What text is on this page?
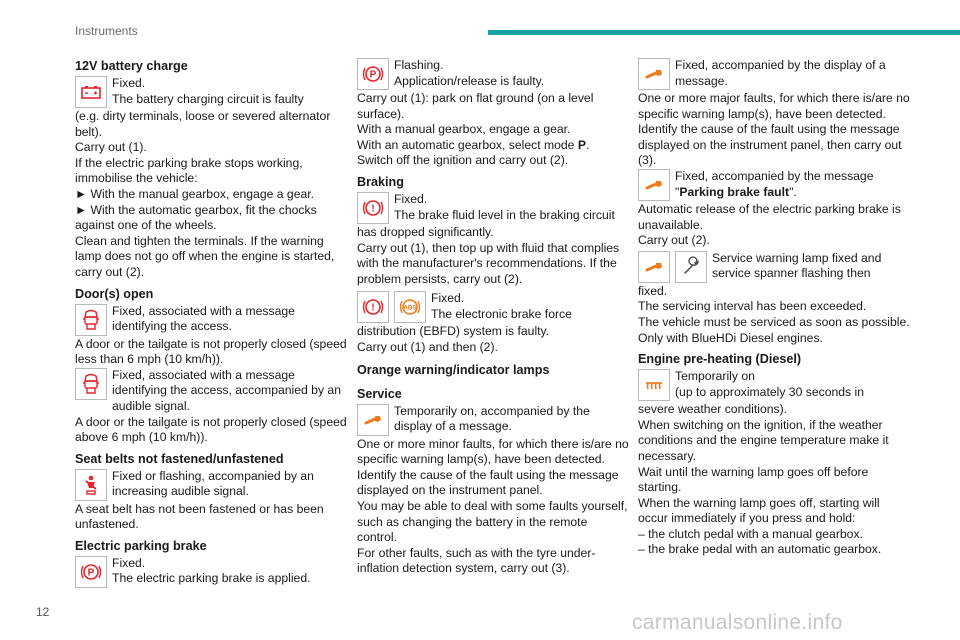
Instruments
12V battery charge
Fixed.
The battery charging circuit is faulty
(e.g. dirty terminals, loose or severed alternator belt).
Carry out (1).
If the electric parking brake stops working, immobilise the vehicle:
► With the manual gearbox, engage a gear.
► With the automatic gearbox, fit the chocks against one of the wheels.
Clean and tighten the terminals. If the warning lamp does not go off when the engine is started, carry out (2).
Door(s) open
Fixed, associated with a message identifying the access.
A door or the tailgate is not properly closed (speed less than 6 mph (10 km/h)).
Fixed, associated with a message identifying the access, accompanied by an audible signal.
A door or the tailgate is not properly closed (speed above 6 mph (10 km/h)).
Seat belts not fastened/unfastened
Fixed or flashing, accompanied by an increasing audible signal.
A seat belt has not been fastened or has been unfastened.
Electric parking brake
P
Fixed.
The electric parking brake is applied.
P
Flashing.
Application/release is faulty.
Carry out (1): park on flat ground (on a level surface).
With a manual gearbox, engage a gear.
With an automatic gearbox, select mode P.
Switch off the ignition and carry out (2).
Braking
!
Fixed.
The brake fluid level in the braking circuit
has dropped significantly.
Carry out (1), then top up with fluid that complies with the manufacturer's recommendations. If the problem persists, carry out (2).
!	ABS
Fixed.
The electronic brake force
distribution (EBFD) system is faulty.
Carry out (1) and then (2).
Orange warning/indicator lamps
Service
Temporarily on, accompanied by the display of a message.
One or more minor faults, for which there is/are no specific warning lamp(s), have been detected.
Identify the cause of the fault using the message displayed on the instrument panel.
You may be able to deal with some faults yourself, such as changing the battery in the remote control.
For other faults, such as with the tyre under-inflation detection system, carry out (3).
Fixed, accompanied by the display of a message.
One or more major faults, for which there is/are no specific warning lamp(s), have been detected.
Identify the cause of the fault using the message displayed on the instrument panel, then carry out (3).
Fixed, accompanied by the message
"Parking brake fault".
Automatic release of the electric parking brake is unavailable.
Carry out (2).
Service warning lamp fixed and service spanner flashing then
fixed.
The servicing interval has been exceeded.
The vehicle must be serviced as soon as possible.
Only with BlueHDi Diesel engines.
Engine pre-heating (Diesel)
Temporarily on
(up to approximately 30 seconds in
severe weather conditions).
When switching on the ignition, if the weather conditions and the engine temperature make it necessary.
Wait until the warning lamp goes off before starting.
When the warning lamp goes off, starting will occur immediately if you press and hold:
– the clutch pedal with a manual gearbox.
– the brake pedal with an automatic gearbox.
12	carmanualsonline.info
